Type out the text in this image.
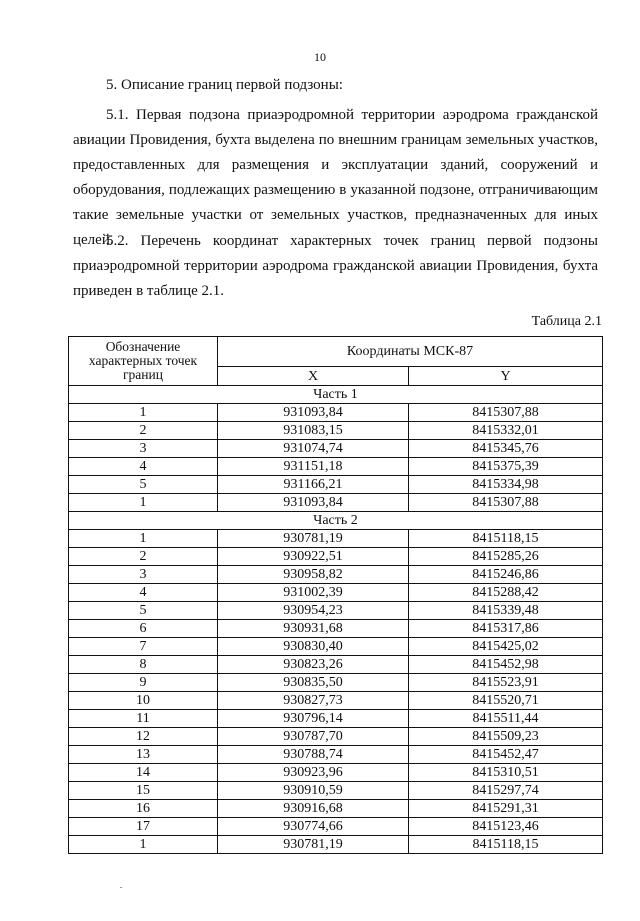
10

5. Описание границ первой подзоны:

5.1. Первая подзона приаэродромной территории аэродрома гражданской авиации Провидения, бухта выделена по внешним границам земельных участков, предоставленных для размещения и эксплуатации зданий, сооружений и оборудования, подлежащих размещению в указанной подзоне, отграничивающим такие земельные участки от земельных участков, предназначенных для иных целей.

5.2. Перечень координат характерных точек границ первой подзоны приаэродромной территории аэродрома гражданской авиации Провидения, бухта приведен в таблице 2.1.

Таблица 2.1
Обозначение характерных точек границ	Координаты МСК-87	
	X	Y
Часть 1		
1	931093,84	8415307,88
2	931083,15	8415332,01
3	931074,74	8415345,76
4	931151,18	8415375,39
5	931166,21	8415334,98
1	931093,84	8415307,88
Часть 2		
1	930781,19	8415118,15
2	930922,51	8415285,26
3	930958,82	8415246,86
4	931002,39	8415288,42
5	930954,23	8415339,48
6	930931,68	8415317,86
7	930830,40	8415425,02
8	930823,26	8415452,98
9	930835,50	8415523,91
10	930827,73	8415520,71
11	930796,14	8415511,44
12	930787,70	8415509,23
13	930788,74	8415452,47
14	930923,96	8415310,51
15	930910,59	8415297,74
16	930916,68	8415291,31
17	930774,66	8415123,46
1	930781,19	8415118,15
